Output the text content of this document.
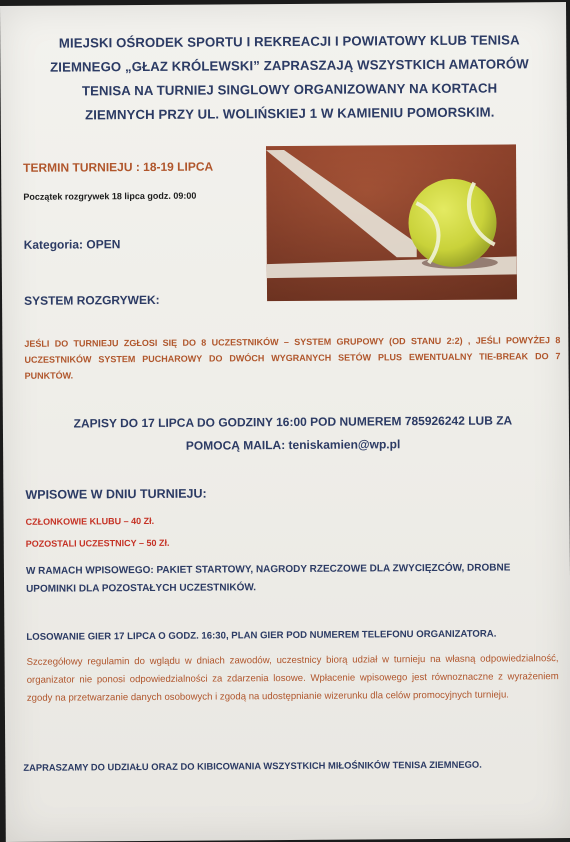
MIEJSKI OŚRODEK SPORTU I REKREACJI I POWIATOWY KLUB TENISA
ZIEMNEGO „GŁAZ KRÓLEWSKI” ZAPRASZAJĄ WSZYSTKICH AMATORÓW
TENISA NA TURNIEJ SINGLOWY ORGANIZOWANY NA KORTACH
ZIEMNYCH PRZY UL. WOLIŃSKIEJ 1 W KAMIENIU POMORSKIM.
TERMIN TURNIEJU : 18-19 LIPCA
Początek rozgrywek 18 lipca godz. 09:00
Kategoria: OPEN
SYSTEM ROZGRYWEK:
JEŚLI DO TURNIEJU ZGŁOSI SIĘ DO 8 UCZESTNIKÓW – SYSTEM GRUPOWY (OD STANU 2:2) , JEŚLI POWYŻEJ 8 UCZESTNIKÓW SYSTEM PUCHAROWY DO DWÓCH WYGRANYCH SETÓW PLUS EWENTUALNY TIE-BREAK DO 7 PUNKTÓW.
ZAPISY DO 17 LIPCA DO GODZINY 16:00 POD NUMEREM 785926242 LUB ZA
POMOCĄ MAILA: teniskamien@wp.pl
WPISOWE W DNIU TURNIEJU:
CZŁONKOWIE KLUBU – 40 Zł.
POZOSTALI UCZESTNICY – 50 Zł.
W RAMACH WPISOWEGO: PAKIET STARTOWY, NAGRODY RZECZOWE DLA ZWYCIĘZCÓW, DROBNE UPOMINKI DLA POZOSTAŁYCH UCZESTNIKÓW.
LOSOWANIE GIER 17 LIPCA O GODZ. 16:30, PLAN GIER POD NUMEREM TELEFONU ORGANIZATORA.
Szczegółowy regulamin do wglądu w dniach zawodów, uczestnicy biorą udział w turnieju na własną odpowiedzialność, organizator nie ponosi odpowiedzialności za zdarzenia losowe. Wpłacenie wpisowego jest równoznaczne z wyrażeniem zgody na przetwarzanie danych osobowych i zgodą na udostępnianie wizerunku dla celów promocyjnych turnieju.
ZAPRASZAMY DO UDZIAŁU ORAZ DO KIBICOWANIA WSZYSTKICH MIŁOŚNIKÓW TENISA ZIEMNEGO.
